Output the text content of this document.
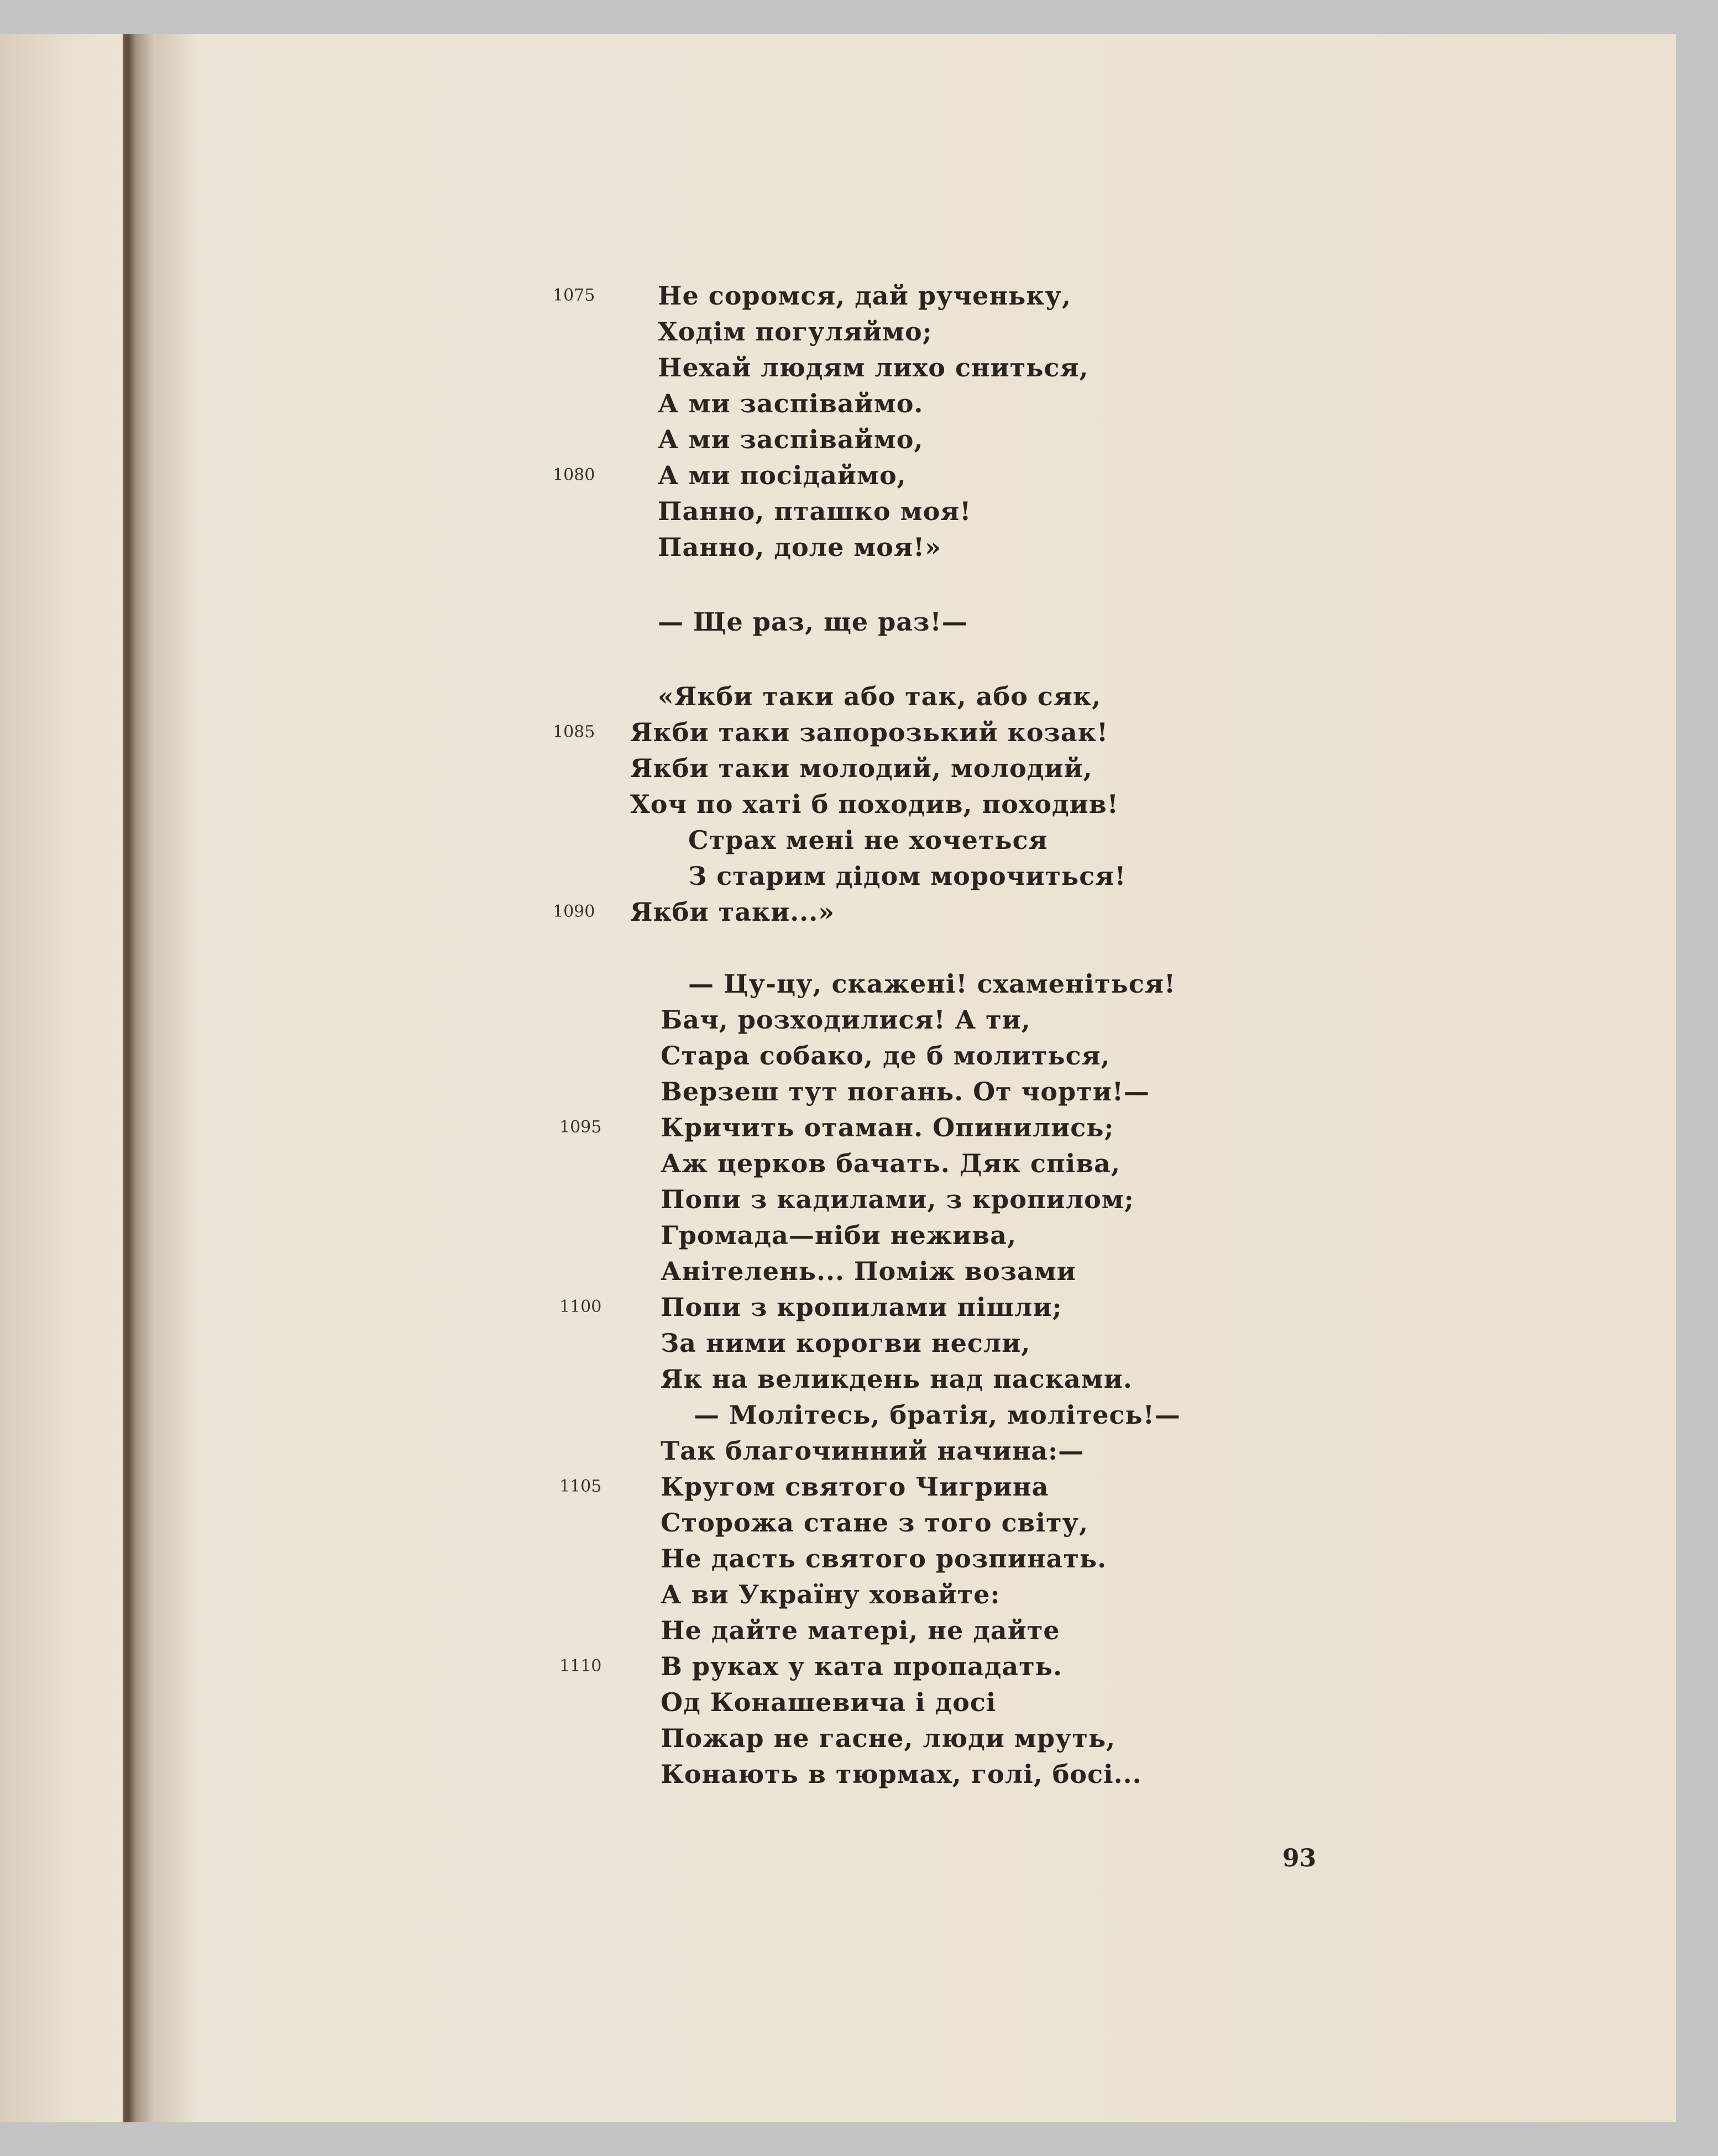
1075 Не соромся, дай рученьку,
Ходім погуляймо;
Нехай людям лихо сниться,
А ми заспіваймо.
А ми заспіваймо,
1080 А ми посідаймо,
Панно, пташко моя!
Панно, доле моя!»
— Ще раз, ще раз!—
«Якби таки або так, або сяк,
1085 Якби таки запорозький козак!
Якби таки молодий, молодий,
Хоч по хаті б походив, походив!
Страх мені не хочеться
З старим дідом морочиться!
1090 Якби таки...»
— Цу-цу, скажені! схаменіться!
Бач, розходилися! А ти,
Стара собако, де б молиться,
Верзеш тут погань. От чорти!—
1095 Кричить отаман. Опинились;
Аж церков бачать. Дяк співа,
Попи з кадилами, з кропилом;
Громада—ніби нежива,
Анітелень... Поміж возами
1100 Попи з кропилами пішли;
За ними корогви несли,
Як на великдень над пасками.
— Молітесь, братія, молітесь!—
Так благочинний начина:—
1105 Кругом святого Чигрина
Сторожа стане з того світу,
Не дасть святого розпинать.
А ви Україну ховайте:
Не дайте матері, не дайте
1110 В руках у ката пропадать.
Од Конашевича і досі
Пожар не гасне, люди мруть,
Конають в тюрмах, голі, босі...
93
